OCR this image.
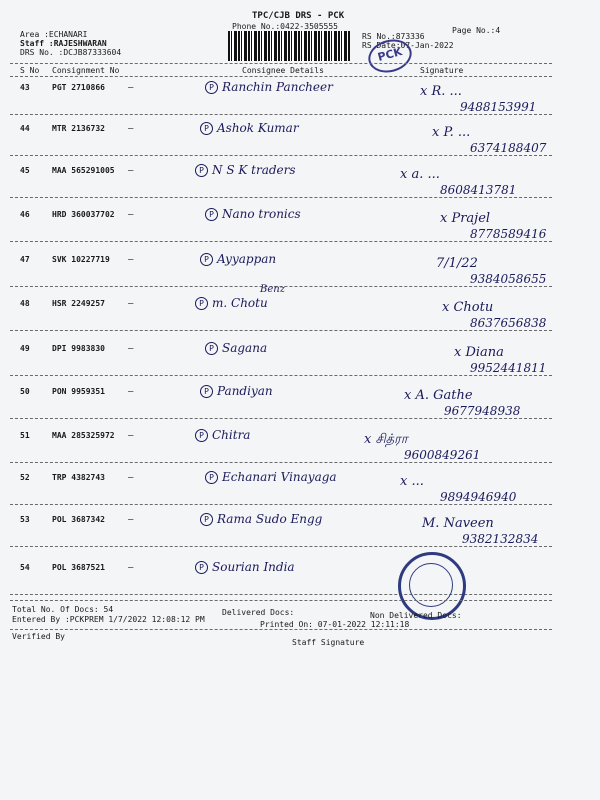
TPC/CJB DRS - PCK
Phone No.:0422-3505555
Area :ECHANARI
Staff :RAJESHWARAN
DRS No. :DCJB87333604
Page No.:4
RS No.:873336
RS Date:07-Jan-2022
PCK
S No Consignment No	Consignee Details	Signature
43	PGT 2710866	—	P Ranchin Pancheer	x R. ...
9488153991
44	MTR 2136732	—	P Ashok Kumar	x P. ...
6374188407
45	MAA 565291005 —	P N S K traders	x a. ...
8608413781
46	HRD 360037702 —	P Nano tronics	x Prajel
8778589416
47	SVK 10227719 —	P Ayyappan	7/1/22
9384058655
48	HSR 2249257	—	P m. Chotu	x Chotu
8637656838
49	DPI 9983830	—	P Sagana	x Diana
9952441811
50	PON 9959351	—	P Pandiyan	x A. Gathe
9677948938
51	MAA 285325972 —	P Chitra	x சித்ரா
9600849261
52	TRP 4382743	—	P Echanari Vinayaga	x ...
9894946940
53	POL 3687342	—	P Rama Sudo Engg	M. Naveen
9382132834
54	POL 3687521	—	P Sourian India
Benz
Total No. Of Docs: 54	Delivered Docs:	Non Delivered Docs:
Entered By :PCKPREM 1/7/2022 12:08:12 PM
Printed On: 07-01-2022 12:11:18
Verified By
Staff Signature
